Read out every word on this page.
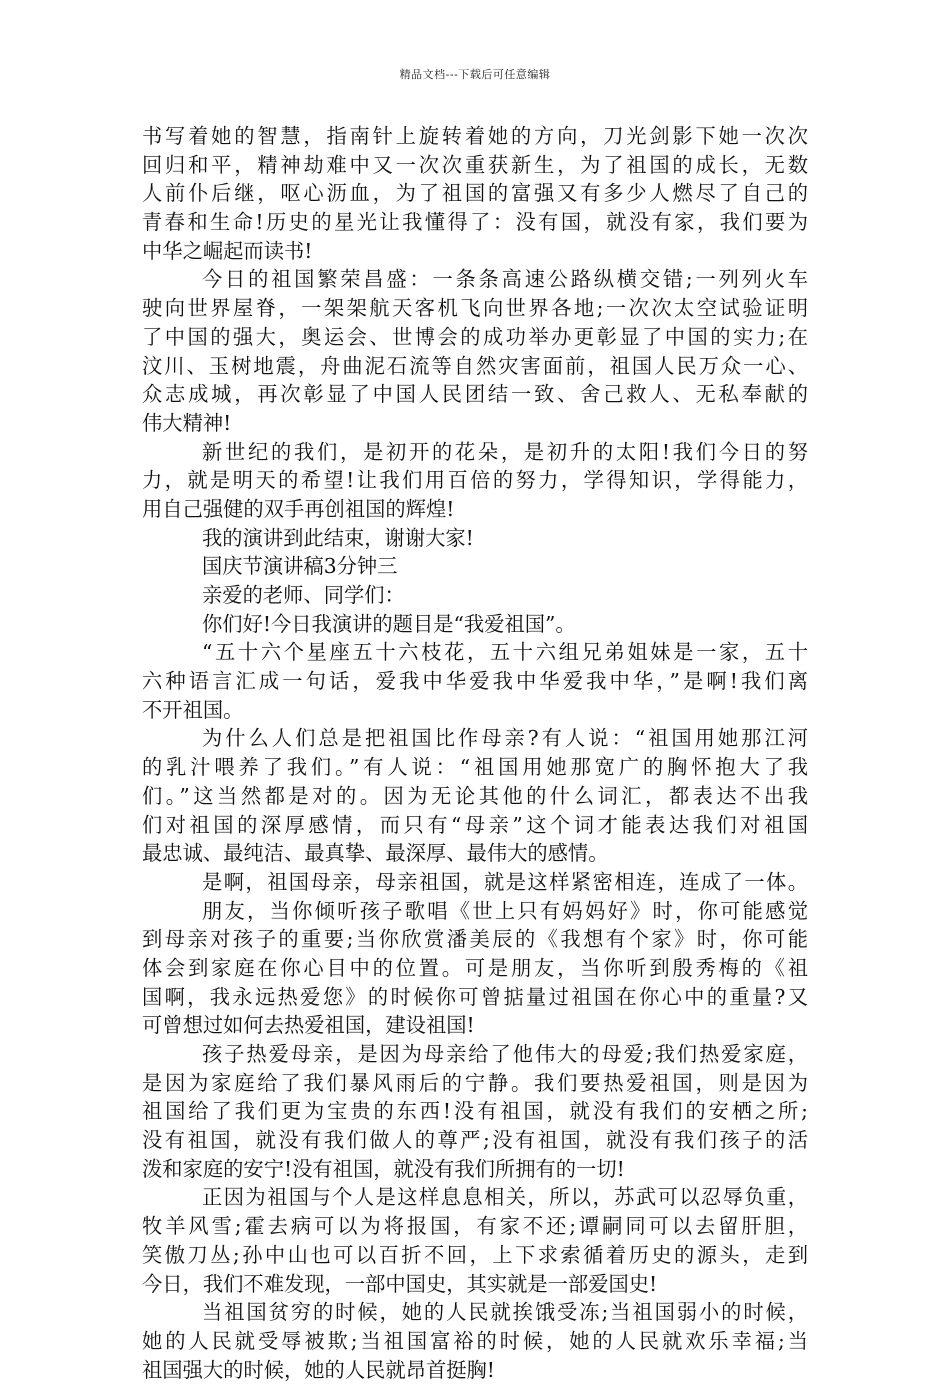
精品文档---下载后可任意编辑
书写着她的智慧，指南针上旋转着她的方向，刀光剑影下她一次次
回归和平，精神劫难中又一次次重获新生，为了祖国的成长，无数
人前仆后继，呕心沥血，为了祖国的富强又有多少人燃尽了自己的
青春和生命!历史的星光让我懂得了：没有国，就没有家，我们要为
中华之崛起而读书!
今日的祖国繁荣昌盛：一条条高速公路纵横交错;一列列火车
驶向世界屋脊，一架架航天客机飞向世界各地;一次次太空试验证明
了中国的强大，奥运会、世博会的成功举办更彰显了中国的实力;在
汶川、玉树地震，舟曲泥石流等自然灾害面前，祖国人民万众一心、
众志成城，再次彰显了中国人民团结一致、舍己救人、无私奉献的
伟大精神!
新世纪的我们，是初开的花朵，是初升的太阳!我们今日的努
力，就是明天的希望!让我们用百倍的努力，学得知识，学得能力，
用自己强健的双手再创祖国的辉煌!
我的演讲到此结束，谢谢大家!
国庆节演讲稿3分钟三
亲爱的老师、同学们：
你们好!今日我演讲的题目是“我爱祖国”。
“五十六个星座五十六枝花，五十六组兄弟姐妹是一家，五十
六种语言汇成一句话，爱我中华爱我中华爱我中华，”是啊!我们离
不开祖国。
为什么人们总是把祖国比作母亲?有人说：“祖国用她那江河
的乳汁喂养了我们。”有人说：“祖国用她那宽广的胸怀抱大了我
们。”这当然都是对的。因为无论其他的什么词汇，都表达不出我
们对祖国的深厚感情，而只有“母亲”这个词才能表达我们对祖国
最忠诚、最纯洁、最真挚、最深厚、最伟大的感情。
是啊，祖国母亲，母亲祖国，就是这样紧密相连，连成了一体。
朋友，当你倾听孩子歌唱《世上只有妈妈好》时，你可能感觉
到母亲对孩子的重要;当你欣赏潘美辰的《我想有个家》时，你可能
体会到家庭在你心目中的位置。可是朋友，当你听到殷秀梅的《祖
国啊，我永远热爱您》的时候你可曾掂量过祖国在你心中的重量?又
可曾想过如何去热爱祖国，建设祖国!
孩子热爱母亲，是因为母亲给了他伟大的母爱;我们热爱家庭，
是因为家庭给了我们暴风雨后的宁静。我们要热爱祖国，则是因为
祖国给了我们更为宝贵的东西!没有祖国，就没有我们的安栖之所;
没有祖国，就没有我们做人的尊严;没有祖国，就没有我们孩子的活
泼和家庭的安宁!没有祖国，就没有我们所拥有的一切!
正因为祖国与个人是这样息息相关，所以，苏武可以忍辱负重，
牧羊风雪;霍去病可以为将报国，有家不还;谭嗣同可以去留肝胆，
笑傲刀丛;孙中山也可以百折不回，上下求索循着历史的源头，走到
今日，我们不难发现，一部中国史，其实就是一部爱国史!
当祖国贫穷的时候，她的人民就挨饿受冻;当祖国弱小的时候，
她的人民就受辱被欺;当祖国富裕的时候，她的人民就欢乐幸福;当
祖国强大的时候，她的人民就昂首挺胸!
